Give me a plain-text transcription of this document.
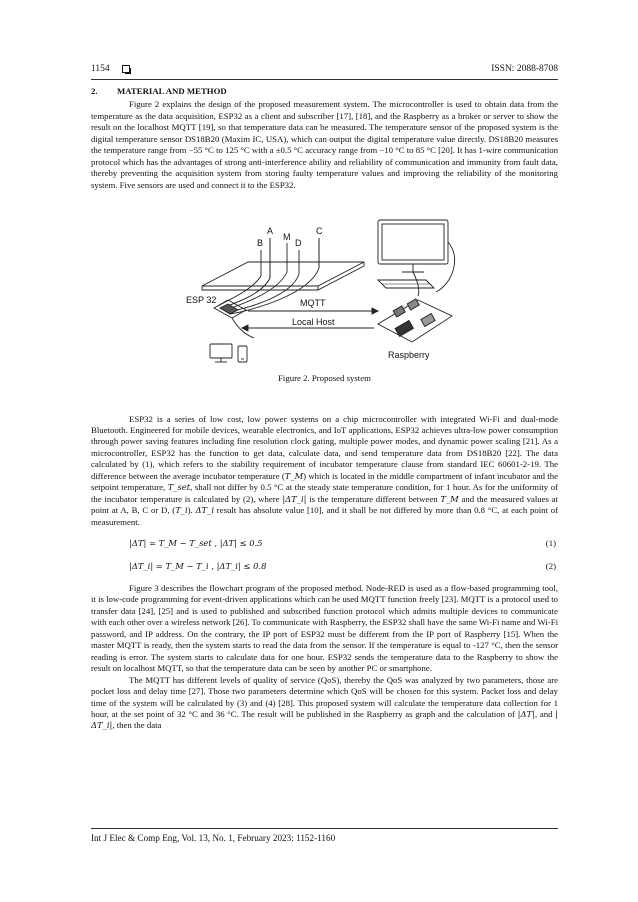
1154	ISSN: 2088-8708
2. MATERIAL AND METHOD

Figure 2 explains the design of the proposed measurement system. The microcontroller is used to obtain data from the temperature as the data acquisition, ESP32 as a client and subscriber [17], [18], and the Raspberry as a broker or server to show the result on the localhost MQTT [19], so that temperature data can be measured. The temperature sensor of the proposed system is the digital temperature sensor DS18B20 (Maxim IC, USA), which can output the digital temperature value directly. DS18B20 measures the temperature range from −55 °C to 125 °C with a ±0.5 °C accuracy range from −10 °C to 85 °C [20]. It has 1-wire communication protocol which has the advantages of strong anti-interference ability and reliability of communication and immunity from fault data, thereby preventing the acquisition system from storing faulty temperature values and improving the reliability of the monitoring system. Five sensors are used and connect it to the ESP32.

A
B
M
D
C
ESP 32	MQTT
Local Host
Raspberry
Figure 2. Proposed system

ESP32 is a series of low cost, low power systems on a chip microcontroller with integrated Wi-Fi and dual-mode Bluetooth. Engineered for mobile devices, wearable electronics, and IoT applications, ESP32 achieves ultra-low power consumption through power saving features including fine resolution clock gating, multiple power modes, and dynamic power scaling [21]. As a microcontroller, ESP32 has the function to get data, calculate data, and send temperature data from DS18B20 [22]. The data calculated by (1), which refers to the stability requirement of incubator temperature clause from standard IEC 60601-2-19. The difference between the average incubator temperature (T_M) which is located in the middle compartment of infant incubator and the setpoint temperature, T_set, shall not differ by 0.5 °C at the steady state temperature condition, for 1 hour. As for the uniformity of the incubator temperature is calculated by (2), where |ΔT_i| is the temperature different between T_M and the measured values at point at A, B, C or D, (T_i). ΔT_i result has absolute value [10], and it shall be not differed by more than 0.8 °C, at each point of measurement.

|ΔT| = T_M − T_set , |ΔT| ≤ 0.5	(1)
|ΔT_i| = T_M − T_i , |ΔT_i| ≤ 0.8	(2)

Figure 3 describes the flowchart program of the proposed method. Node-RED is used as a flow-based programming tool, it is low-code programming for event-driven applications which can be used MQTT function freely [23]. MQTT is a protocol used to transfer data [24], [25] and is used to published and subscribed function protocol which admits multiple devices to communicate with each other over a wireless network [26]. To communicate with Raspberry, the ESP32 shall have the same Wi-Fi name and Wi-Fi password, and IP address. On the contrary, the IP port of ESP32 must be different from the IP port of Raspberry [15]. When the master MQTT is ready, then the system starts to read the data from the sensor. If the temperature is equal to -127 °C, then the sensor reading is error. The system starts to calculate data for one hour. ESP32 sends the temperature data to the Raspberry to show the result on localhost MQTT, so that the temperature data can be seen by another PC or smartphone.

The MQTT has different levels of quality of service (QoS), thereby the QoS was analyzed by two parameters, those are pocket loss and delay time [27]. Those two parameters determine which QoS will be chosen for this system. Packet loss and delay time of the system will be calculated by (3) and (4) [28]. This proposed system will calculate the temperature data collection for 1 hour, at the set point of 32 °C and 36 °C. The result will be published in the Raspberry as graph and the calculation of |ΔT|, and |ΔT_i|, then the data

Int J Elec & Comp Eng, Vol. 13, No. 1, February 2023: 1152-1160
